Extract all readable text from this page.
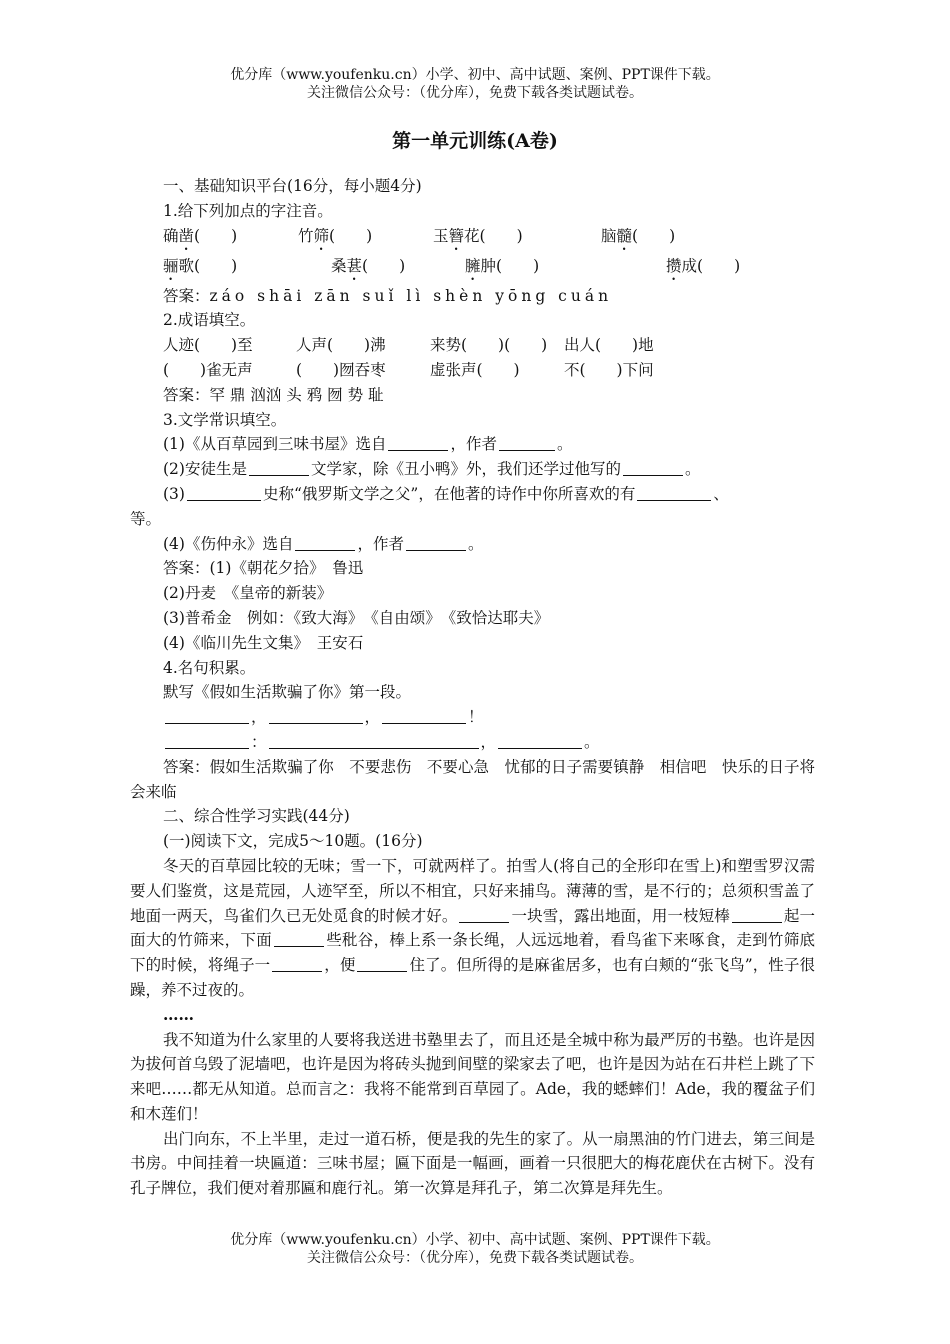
优分库（www.youfenku.cn）小学、初中、高中试题、案例、PPT课件下载。
关注微信公众号：（优分库），免费下载各类试题试卷。
第一单元训练(A卷)
一、基础知识平台(16分，每小题4分)
1.给下列加点的字注音。
确凿(　　)	竹筛(　　)	玉簪花(　　)	脑髓(　　)
骊歌(　　)	桑葚(　　)	臃肿(　　)	攒成(　　)
答案：záo shāi zān suǐ lì shèn yōng cuán
2.成语填空。
人迹(　　)至	人声(　　)沸	来势(　　)(　　) 出人(　　)地
(　　)雀无声	(　　)囫吞枣	虚张声(　　)	不(　　)下问
答案：罕 鼎 汹汹 头 鸦 囫 势 耻
3.文学常识填空。
(1)《从百草园到三味书屋》选自	，作者	。
(2)安徒生是	文学家，除《丑小鸭》外，我们还学过他写的	。
(3)	史称“俄罗斯文学之父”，在他著的诗作中你所喜欢的有	、
等。
(4)《伤仲永》选自	，作者	。
答案：(1)《朝花夕拾》　鲁迅
(2)丹麦　《皇帝的新装》
(3)普希金　例如：《致大海》　《自由颂》　《致恰达耶夫》
(4)《临川先生文集》　王安石
4.名句积累。
默写《假如生活欺骗了你》第一段。
，	，	！
：	，	。
答案：假如生活欺骗了你　不要悲伤　不要心急　忧郁的日子需要镇静　相信吧　快乐的日子将会来临
二、综合性学习实践(44分)
(一)阅读下文，完成5～10题。(16分)
冬天的百草园比较的无味；雪一下，可就两样了。拍雪人(将自己的全形印在雪上)和塑雪罗汉需要人们鉴赏，这是荒园，人迹罕至，所以不相宜，只好来捕鸟。薄薄的雪，是不行的；总须积雪盖了地面一两天，鸟雀们久已无处觅食的时候才好。	一块雪，露出地面，用一枝短棒	起一面大的竹筛来，下面	些秕谷，棒上系一条长绳，人远远地着，看鸟雀下来啄食，走到竹筛底下的时候，将绳子一	，便	住了。但所得的是麻雀居多，也有白颊的“张飞鸟”，性子很躁，养不过夜的。
……
我不知道为什么家里的人要将我送进书塾里去了，而且还是全城中称为最严厉的书塾。也许是因为拔何首乌毁了泥墙吧，也许是因为将砖头抛到间壁的梁家去了吧，也许是因为站在石井栏上跳了下来吧……都无从知道。总而言之：我将不能常到百草园了。Ade，我的蟋蟀们！Ade，我的覆盆子们和木莲们！
出门向东，不上半里，走过一道石桥，便是我的先生的家了。从一扇黑油的竹门进去，第三间是书房。中间挂着一块匾道：三味书屋；匾下面是一幅画，画着一只很肥大的梅花鹿伏在古树下。没有孔子牌位，我们便对着那匾和鹿行礼。第一次算是拜孔子，第二次算是拜先生。
优分库（www.youfenku.cn）小学、初中、高中试题、案例、PPT课件下载。
关注微信公众号：（优分库），免费下载各类试题试卷。
